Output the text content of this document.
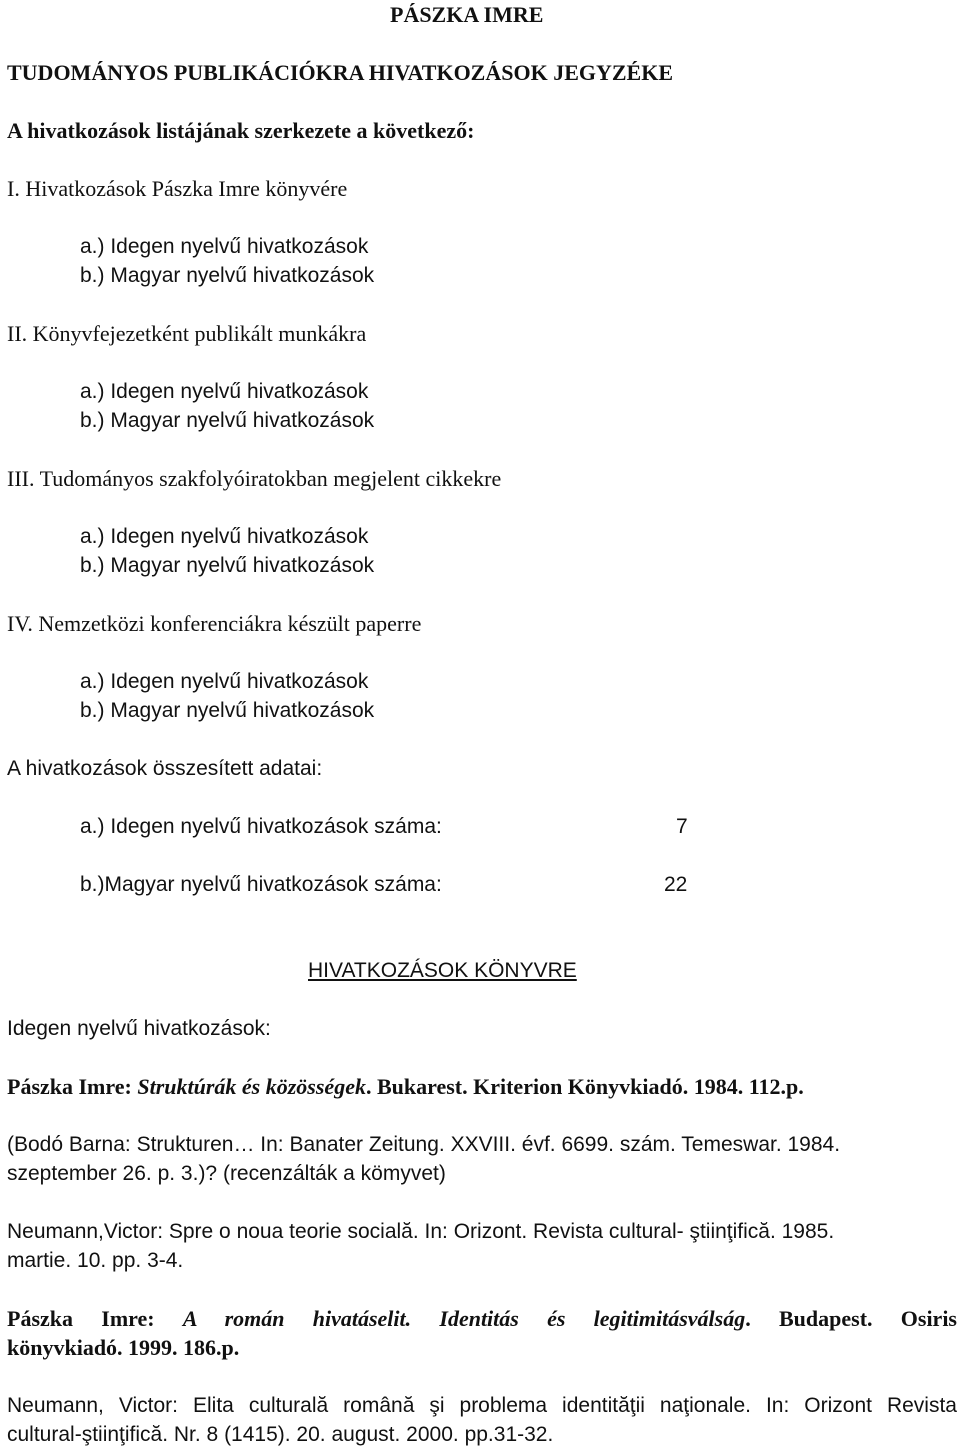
PÁSZKA IMRE
TUDOMÁNYOS PUBLIKÁCIÓKRA HIVATKOZÁSOK JEGYZÉKE
A hivatkozások listájának szerkezete a következő:
I. Hivatkozások Pászka Imre könyvére
a.) Idegen nyelvű hivatkozások
b.) Magyar nyelvű hivatkozások
II. Könyvfejezetként publikált munkákra
a.) Idegen nyelvű hivatkozások
b.) Magyar nyelvű hivatkozások
III. Tudományos szakfolyóiratokban megjelent cikkekre
a.) Idegen nyelvű hivatkozások
b.) Magyar nyelvű hivatkozások
IV. Nemzetközi konferenciákra készült paperre
a.) Idegen nyelvű hivatkozások
b.) Magyar nyelvű hivatkozások
A hivatkozások összesített adatai:
a.) Idegen nyelvű hivatkozások száma:	7
b.)Magyar nyelvű hivatkozások száma:	22
HIVATKOZÁSOK KÖNYVRE
Idegen nyelvű hivatkozások:
Pászka Imre: Struktúrák és közösségek. Bukarest. Kriterion Könyvkiadó. 1984. 112.p.
(Bodó Barna: Strukturen… In: Banater Zeitung. XXVIII. évf. 6699. szám. Temeswar. 1984.
szeptember 26. p. 3.)? (recenzálták a kömyvet)
Neumann,Victor: Spre o noua teorie socială. In: Orizont. Revista cultural- ştiinţifică. 1985.
martie. 10. pp. 3-4.
Pászka Imre: A román hivatáselit. Identitás és legitimitásválság. Budapest. Osiris
könyvkiadó. 1999. 186.p.
Neumann, Victor: Elita culturală română şi problema identităţii naţionale. In: Orizont Revista
cultural-ştiinţifică. Nr. 8 (1415). 20. august. 2000. pp.31-32.
